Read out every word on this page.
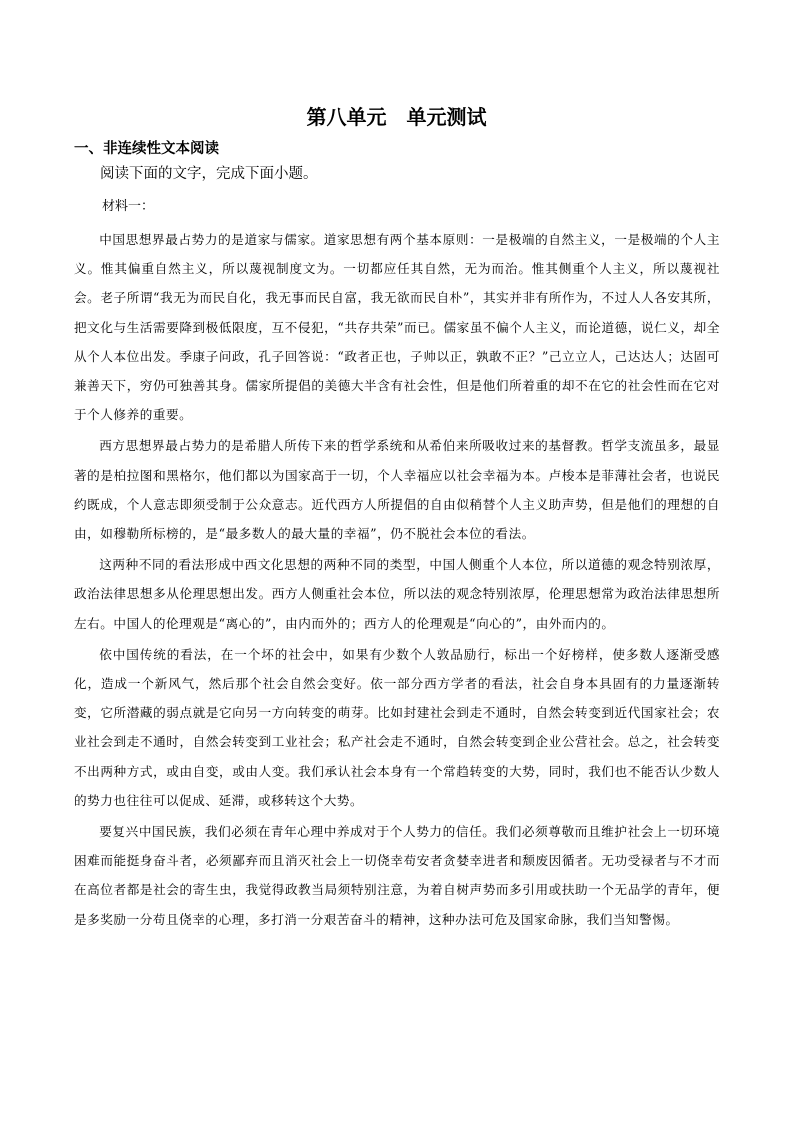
第八单元　单元测试
一、非连续性文本阅读
阅读下面的文字，完成下面小题。
材料一：

中国思想界最占势力的是道家与儒家。道家思想有两个基本原则：一是极端的自然主义，一是极端的个人主义。惟其偏重自然主义，所以蔑视制度文为。一切都应任其自然，无为而治。惟其侧重个人主义，所以蔑视社会。老子所谓“我无为而民自化，我无事而民自富，我无欲而民自朴”，其实并非有所作为，不过人人各安其所，把文化与生活需要降到极低限度，互不侵犯，“共存共荣”而已。儒家虽不偏个人主义，而论道德，说仁义，却全从个人本位出发。季康子问政，孔子回答说：“政者正也，子帅以正，孰敢不正？”己立立人，己达达人；达固可兼善天下，穷仍可独善其身。儒家所提倡的美德大半含有社会性，但是他们所着重的却不在它的社会性而在它对于个人修养的重要。

西方思想界最占势力的是希腊人所传下来的哲学系统和从希伯来所吸收过来的基督教。哲学支流虽多，最显著的是柏拉图和黑格尔，他们都以为国家高于一切，个人幸福应以社会幸福为本。卢梭本是菲薄社会者，也说民约既成，个人意志即须受制于公众意志。近代西方人所提倡的自由似稍替个人主义助声势，但是他们的理想的自由，如穆勒所标榜的，是“最多数人的最大量的幸福”，仍不脱社会本位的看法。

这两种不同的看法形成中西文化思想的两种不同的类型，中国人侧重个人本位，所以道德的观念特别浓厚，政治法律思想多从伦理思想出发。西方人侧重社会本位，所以法的观念特别浓厚，伦理思想常为政治法律思想所左右。中国人的伦理观是“离心的”，由内而外的；西方人的伦理观是“向心的”，由外而内的。

依中国传统的看法，在一个坏的社会中，如果有少数个人敦品励行，标出一个好榜样，使多数人逐渐受感化，造成一个新风气，然后那个社会自然会变好。依一部分西方学者的看法，社会自身本具固有的力量逐渐转变，它所潜藏的弱点就是它向另一方向转变的萌芽。比如封建社会到走不通时，自然会转变到近代国家社会；农业社会到走不通时，自然会转变到工业社会；私产社会走不通时，自然会转变到企业公营社会。总之，社会转变不出两种方式，或由自变，或由人变。我们承认社会本身有一个常趋转变的大势，同时，我们也不能否认少数人的势力也往往可以促成、延滞，或移转这个大势。

要复兴中国民族，我们必须在青年心理中养成对于个人势力的信任。我们必须尊敬而且维护社会上一切环境困难而能挺身奋斗者，必须鄙弃而且消灭社会上一切侥幸苟安者贪婪幸进者和颓废因循者。无功受禄者与不才而在高位者都是社会的寄生虫，我觉得政教当局须特别注意，为着自树声势而多引用或扶助一个无品学的青年，便是多奖励一分苟且侥幸的心理，多打消一分艰苦奋斗的精神，这种办法可危及国家命脉，我们当知警惕。
